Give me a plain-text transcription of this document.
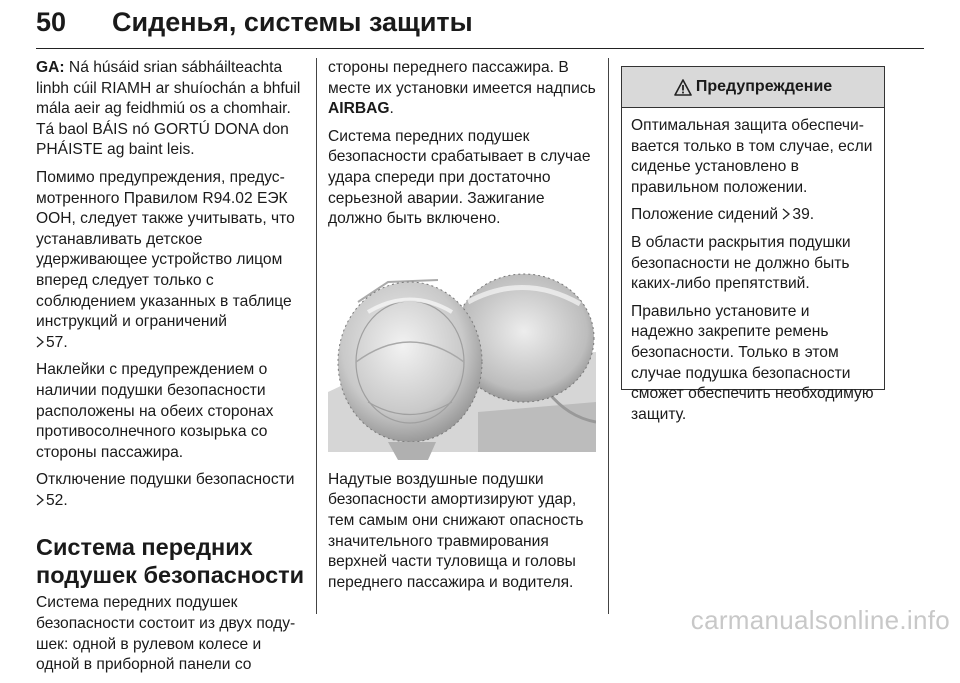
50 Сиденья, системы защиты

GA: Ná húsáid srian sábháilteachta linbh cúil RIAMH ar shuíochán a bhfuil mála aeir ag feidhmiú os a chomhair. Tá baol BÁIS nó GORTÚ DONA don PHÁISTE ag baint leis.

Помимо предупреждения, предусмотренного Правилом R94.02 ЕЭК ООН, следует также учитывать, что устанавливать детское удерживающее устройство лицом вперед следует только с соблюдением указанных в таблице инструкций и ограничений

57.

Наклейки с предупреждением о наличии подушки безопасности расположены на обеих сторонах противосолнечного козырька со стороны пассажира.

Отключение подушки безопасности

52.

Система передних подушек безопасности

Система передних подушек безопасности состоит из двух подушек: одной в рулевом колесе и одной в приборной панели со

стороны переднего пассажира. В месте их установки имеется надпись AIRBAG.

Система передних подушек безопасности срабатывает в случае удара спереди при достаточно серьезной аварии. Зажигание должно быть включено.

Надутые воздушные подушки безопасности амортизируют удар, тем самым они снижают опасность значительного травмирования верхней части туловища и головы переднего пассажира и водителя.

Предупреждение

Оптимальная защита обеспечивается только в том случае, если сиденье установлено в правильном положении.

Положение сидений 39.

В области раскрытия подушки безопасности не должно быть каких-либо препятствий.

Правильно установите и надежно закрепите ремень безопасности. Только в этом случае подушка безопасности сможет обеспечить необходимую защиту.

carmanualsonline.info
